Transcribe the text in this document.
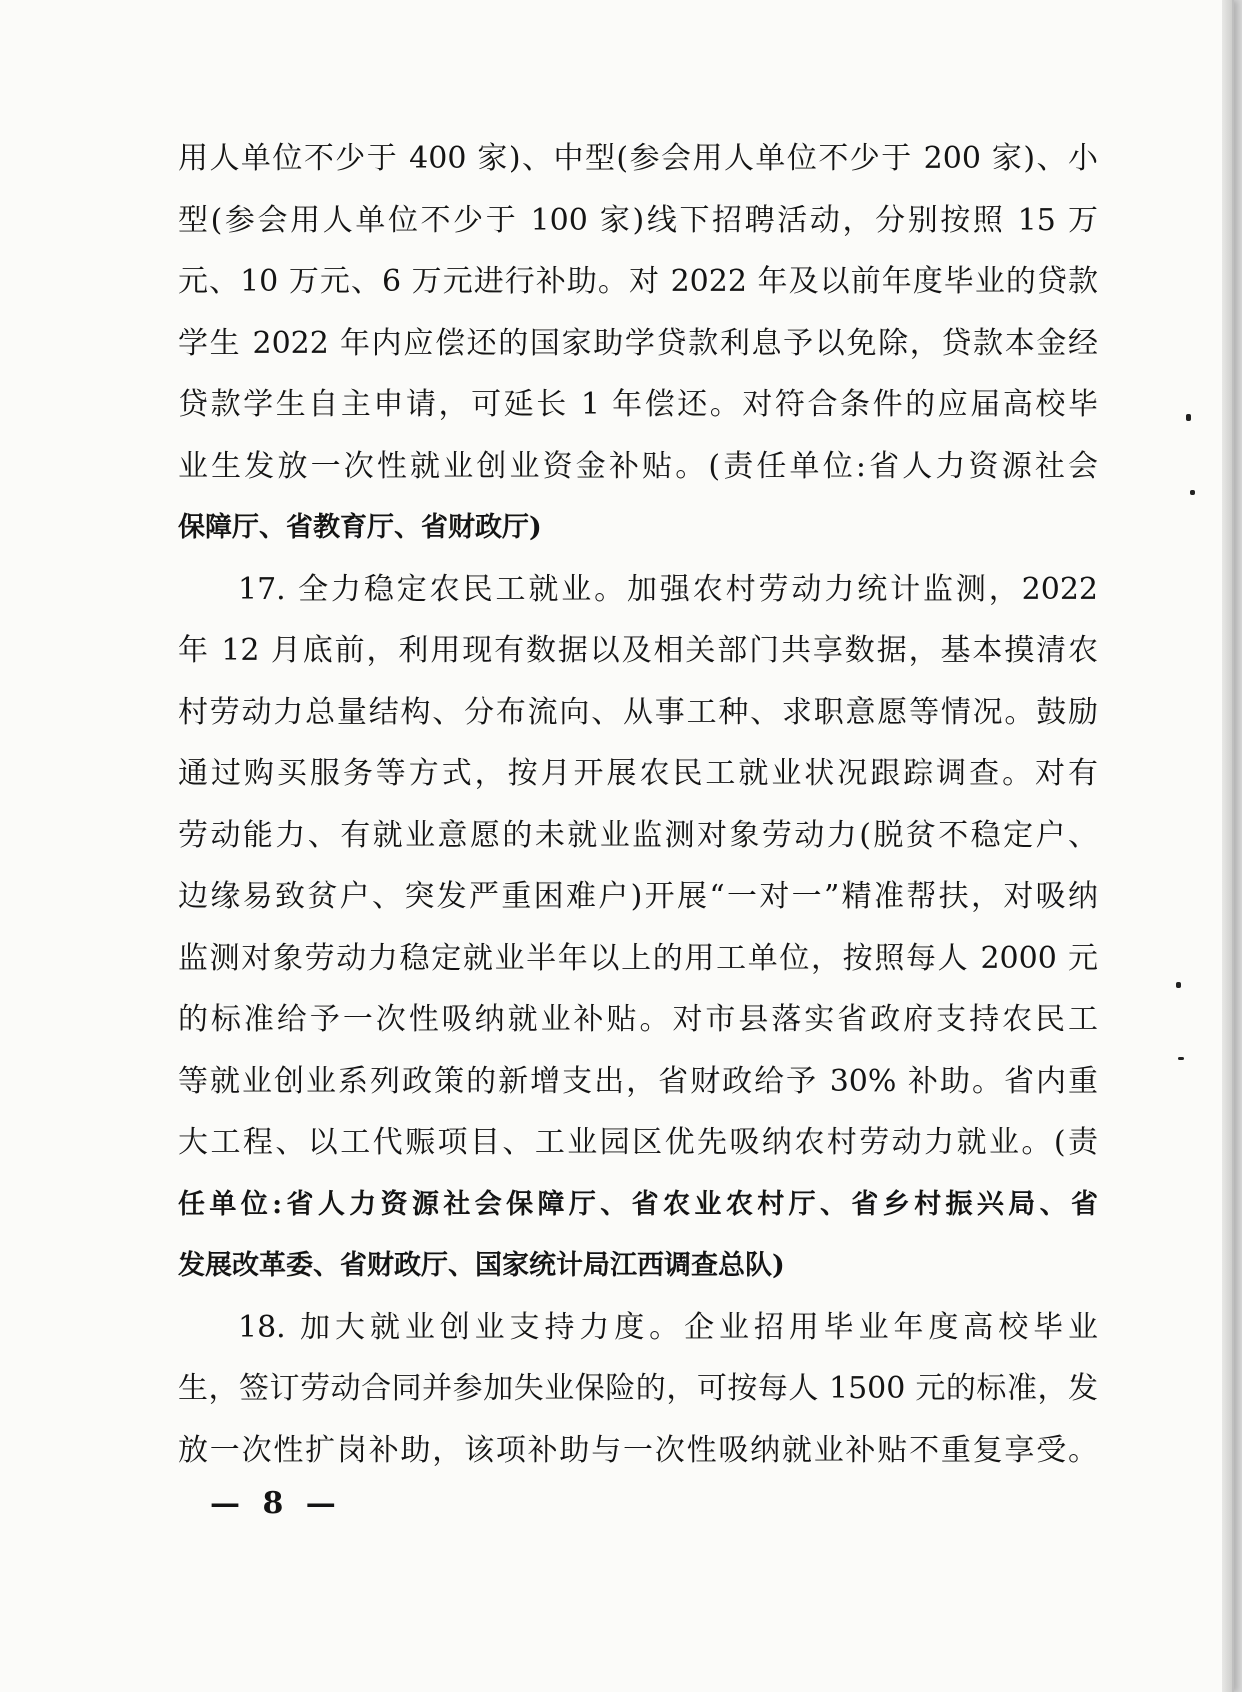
用人单位不少于 400 家)、中型(参会用人单位不少于 200 家)、小
型(参会用人单位不少于 100 家)线下招聘活动，分别按照 15 万
元、10 万元、6 万元进行补助。对 2022 年及以前年度毕业的贷款
学生 2022 年内应偿还的国家助学贷款利息予以免除，贷款本金经
贷款学生自主申请，可延长 1 年偿还。对符合条件的应届高校毕
业生发放一次性就业创业资金补贴。(责任单位:省人力资源社会
保障厅、省教育厅、省财政厅)
17. 全力稳定农民工就业。加强农村劳动力统计监测，2022
年 12 月底前，利用现有数据以及相关部门共享数据，基本摸清农
村劳动力总量结构、分布流向、从事工种、求职意愿等情况。鼓励
通过购买服务等方式，按月开展农民工就业状况跟踪调查。对有
劳动能力、有就业意愿的未就业监测对象劳动力(脱贫不稳定户、
边缘易致贫户、突发严重困难户)开展“一对一”精准帮扶，对吸纳
监测对象劳动力稳定就业半年以上的用工单位，按照每人 2000 元
的标准给予一次性吸纳就业补贴。对市县落实省政府支持农民工
等就业创业系列政策的新增支出，省财政给予 30% 补助。省内重
大工程、以工代赈项目、工业园区优先吸纳农村劳动力就业。(责
任单位:省人力资源社会保障厅、省农业农村厅、省乡村振兴局、省
发展改革委、省财政厅、国家统计局江西调查总队)
18. 加大就业创业支持力度。企业招用毕业年度高校毕业
生，签订劳动合同并参加失业保险的，可按每人 1500 元的标准，发
放一次性扩岗补助，该项补助与一次性吸纳就业补贴不重复享受。
— 8 —
